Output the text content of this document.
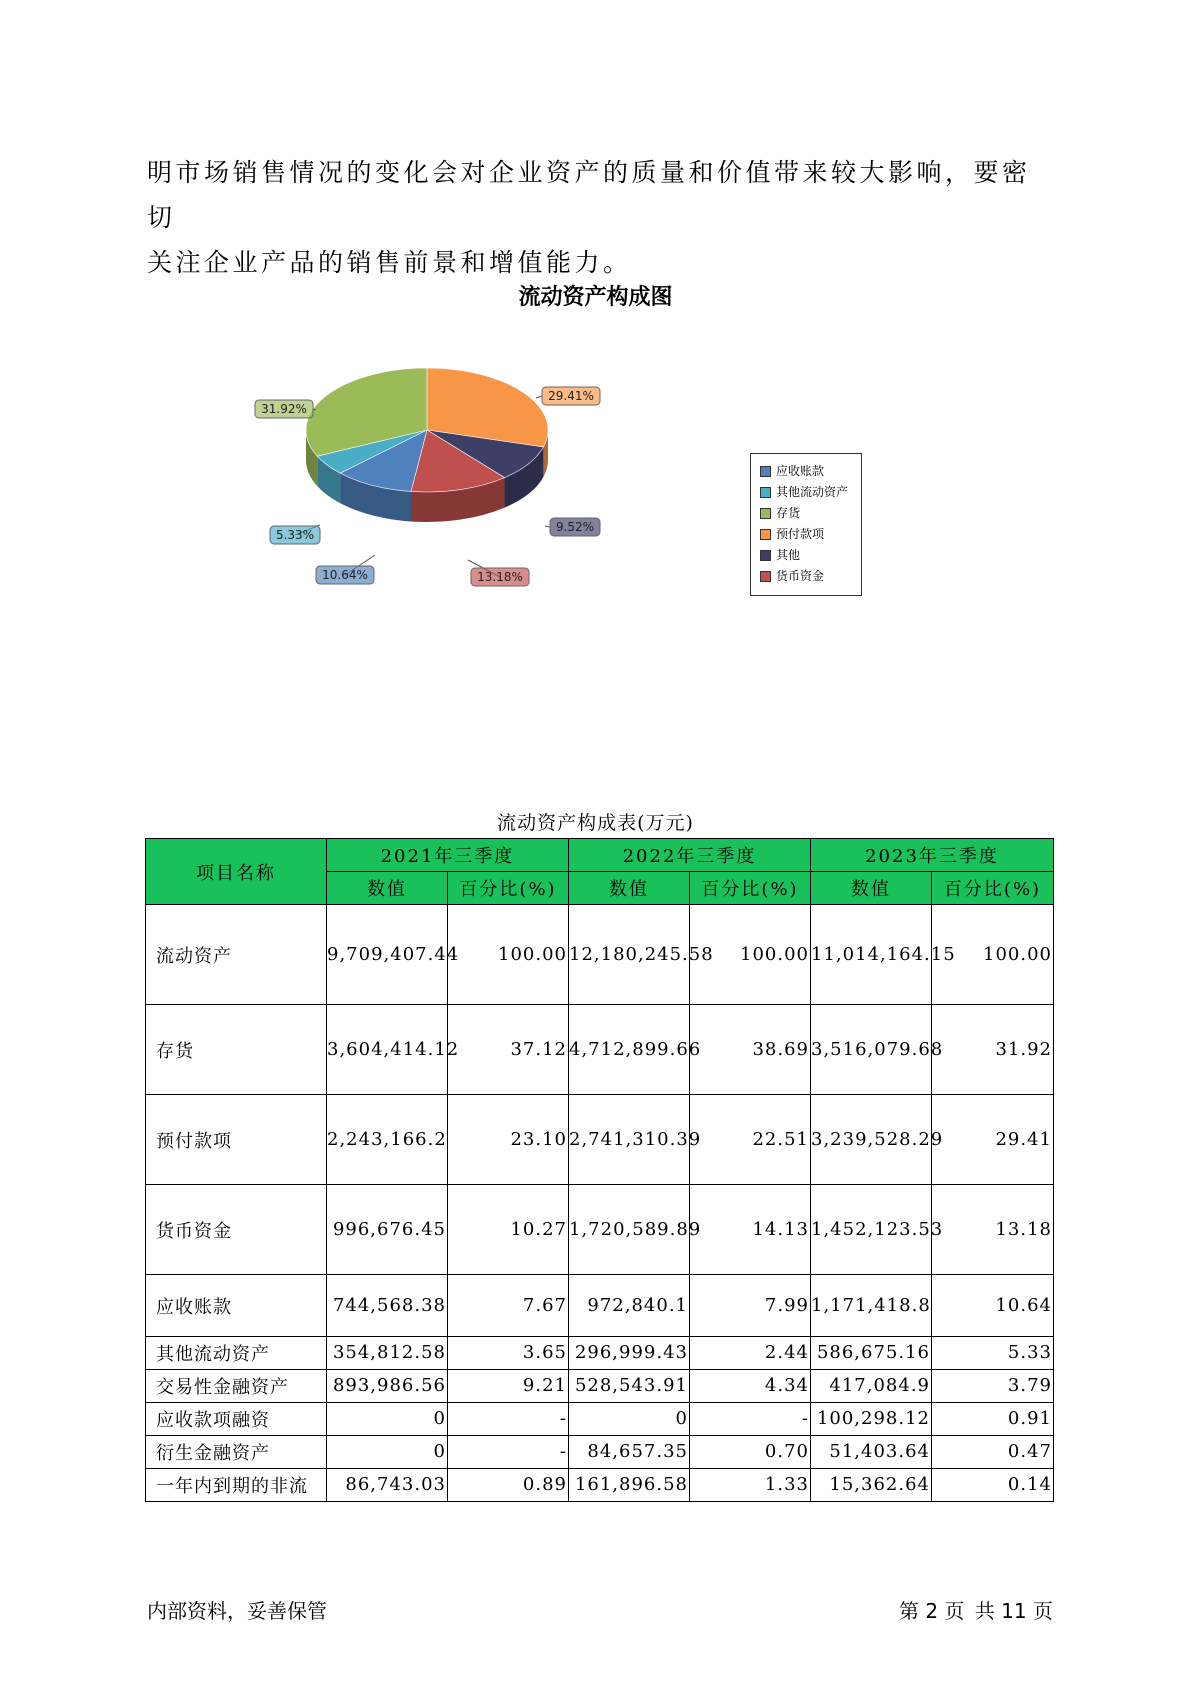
明市场销售情况的变化会对企业资产的质量和价值带来较大影响，要密切

关注企业产品的销售前景和增值能力。

流动资产构成图
29.41%
9.52%
13.18%
10.64%
5.33%
31.92%
应收账款
其他流动资产
存货
预付款项
其他
货币资金
流动资产构成表(万元)
项目名称	2021年三季度		2022年三季度		2023年三季度	
	数值	百分比(%)	数值	百分比(%)	数值	百分比(%)
流动资产	9,709,407.44	100.00	12,180,245.58	100.00	11,014,164.15	100.00
存货	3,604,414.12	37.12	4,712,899.66	38.69	3,516,079.68	31.92
预付款项	2,243,166.2	23.10	2,741,310.39	22.51	3,239,528.29	29.41
货币资金	996,676.45	10.27	1,720,589.89	14.13	1,452,123.53	13.18
应收账款	744,568.38	7.67	972,840.1	7.99	1,171,418.8	10.64
其他流动资产	354,812.58	3.65	296,999.43	2.44	586,675.16	5.33
交易性金融资产	893,986.56	9.21	528,543.91	4.34	417,084.9	3.79
应收款项融资	0	-	0	-	100,298.12	0.91
衍生金融资产	0	-	84,657.35	0.70	51,403.64	0.47
一年内到期的非流	86,743.03	0.89	161,896.58	1.33	15,362.64	0.14
内部资料，妥善保管	第 2 页 共 11 页
